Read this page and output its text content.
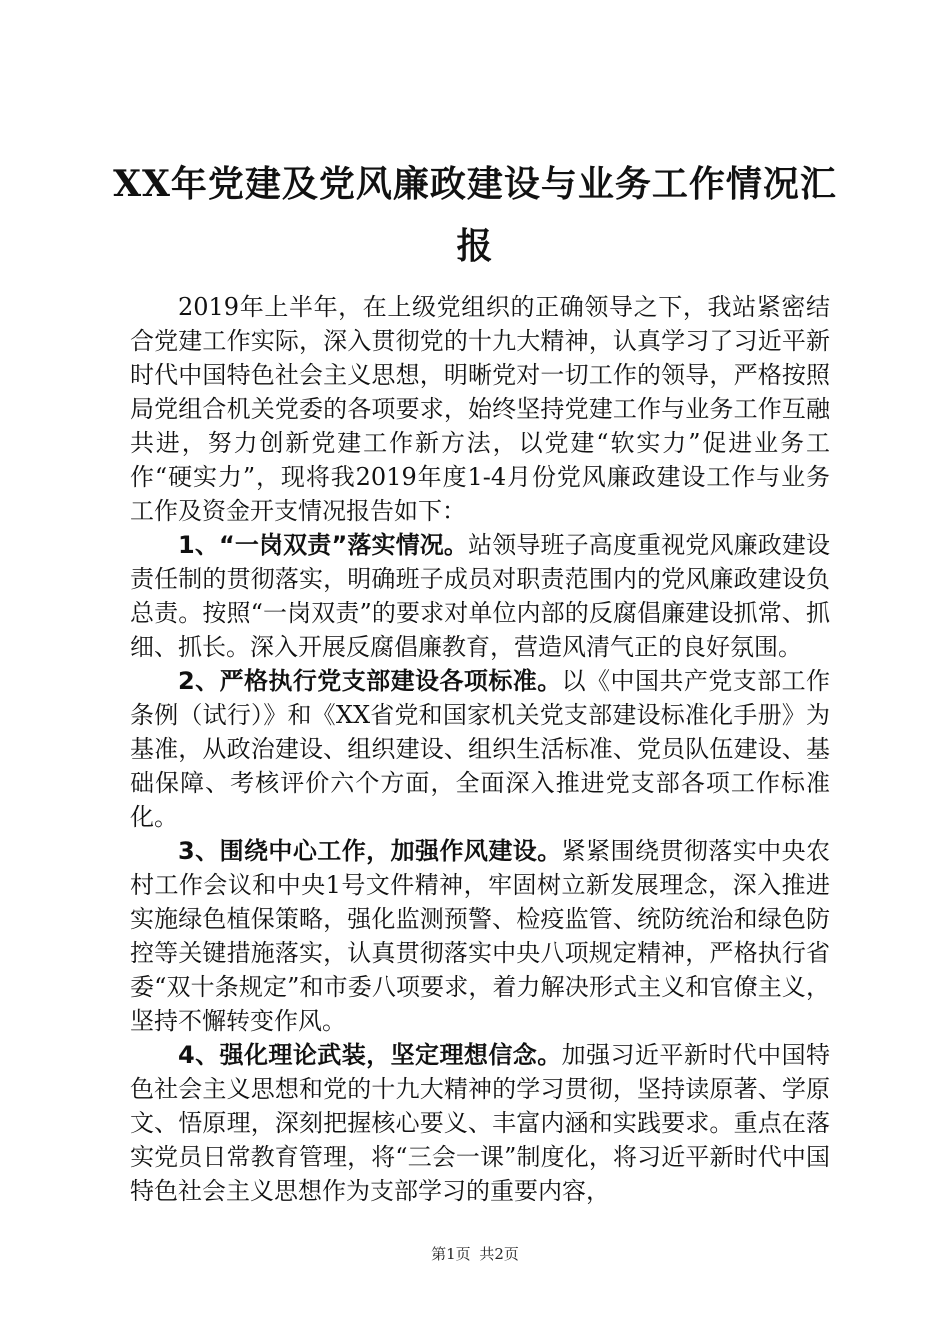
XX年党建及党风廉政建设与业务工作情况汇
报

2019年上半年，在上级党组织的正确领导之下，我站紧密结合党建工作实际，深入贯彻党的十九大精神，认真学习了习近平新时代中国特色社会主义思想，明晰党对一切工作的领导，严格按照局党组合机关党委的各项要求，始终坚持党建工作与业务工作互融共进，努力创新党建工作新方法，以党建“软实力”促进业务工作“硬实力”，现将我2019年度1-4月份党风廉政建设工作与业务工作及资金开支情况报告如下：

1、“一岗双责”落实情况。站领导班子高度重视党风廉政建设责任制的贯彻落实，明确班子成员对职责范围内的党风廉政建设负总责。按照“一岗双责”的要求对单位内部的反腐倡廉建设抓常、抓细、抓长。深入开展反腐倡廉教育，营造风清气正的良好氛围。

2、严格执行党支部建设各项标准。以《中国共产党支部工作条例（试行）》和《XX省党和国家机关党支部建设标准化手册》为基准，从政治建设、组织建设、组织生活标准、党员队伍建设、基础保障、考核评价六个方面，全面深入推进党支部各项工作标准化。

3、围绕中心工作，加强作风建设。紧紧围绕贯彻落实中央农村工作会议和中央1号文件精神，牢固树立新发展理念，深入推进实施绿色植保策略，强化监测预警、检疫监管、统防统治和绿色防控等关键措施落实，认真贯彻落实中央八项规定精神，严格执行省委“双十条规定”和市委八项要求，着力解决形式主义和官僚主义，坚持不懈转变作风。

4、强化理论武装，坚定理想信念。加强习近平新时代中国特色社会主义思想和党的十九大精神的学习贯彻，坚持读原著、学原文、悟原理，深刻把握核心要义、丰富内涵和实践要求。重点在落实党员日常教育管理，将“三会一课”制度化，将习近平新时代中国特色社会主义思想作为支部学习的重要内容，

第1页 共2页
